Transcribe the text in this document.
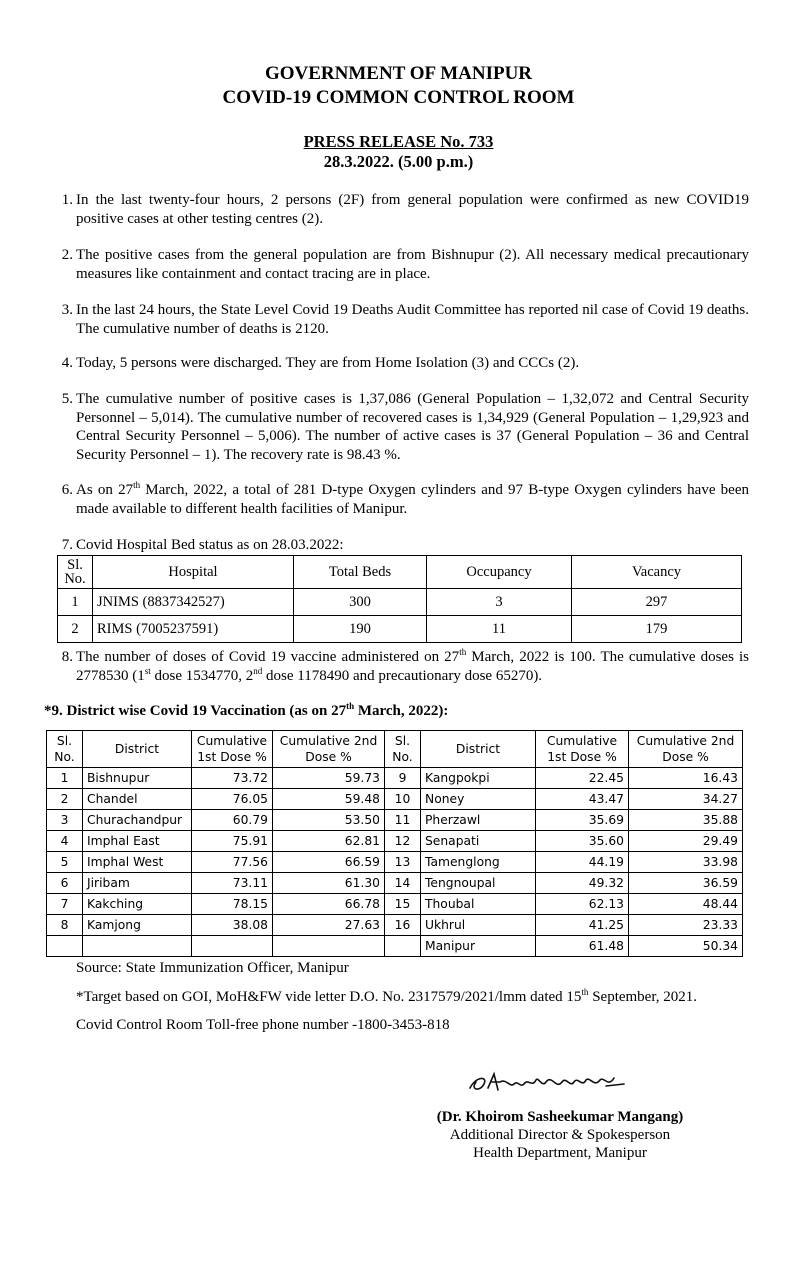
GOVERNMENT OF MANIPUR
COVID-19 COMMON CONTROL ROOM
PRESS RELEASE No. 733
28.3.2022. (5.00 p.m.)
1. In the last twenty-four hours, 2 persons (2F) from general population were confirmed as new COVID19 positive cases at other testing centres (2).
2. The positive cases from the general population are from Bishnupur (2). All necessary medical precautionary measures like containment and contact tracing are in place.
3. In the last 24 hours, the State Level Covid 19 Deaths Audit Committee has reported nil case of Covid 19 deaths. The cumulative number of deaths is 2120.
4. Today, 5 persons were discharged. They are from Home Isolation (3) and CCCs (2).
5. The cumulative number of positive cases is 1,37,086 (General Population – 1,32,072 and Central Security Personnel – 5,014). The cumulative number of recovered cases is 1,34,929 (General Population – 1,29,923 and Central Security Personnel – 5,006). The number of active cases is 37 (General Population – 36 and Central Security Personnel – 1). The recovery rate is 98.43 %.
6. As on 27th March, 2022, a total of 281 D-type Oxygen cylinders and 97 B-type Oxygen cylinders have been made available to different health facilities of Manipur.
7. Covid Hospital Bed status as on 28.03.2022:
Sl. No.	Hospital	Total Beds	Occupancy	Vacancy
1	JNIMS (8837342527)	300	3	297
2	RIMS (7005237591)	190	11	179
8. The number of doses of Covid 19 vaccine administered on 27th March, 2022 is 100. The cumulative doses is 2778530 (1st dose 1534770, 2nd dose 1178490 and precautionary dose 65270).
*9. District wise Covid 19 Vaccination (as on 27th March, 2022):
Sl. No.	District	Cumulative 1st Dose %	Cumulative 2nd Dose %	Sl. No.	District	Cumulative 1st Dose %	Cumulative 2nd Dose %
1	Bishnupur	73.72	59.73	9	Kangpokpi	22.45	16.43
2	Chandel	76.05	59.48	10	Noney	43.47	34.27
3	Churachandpur	60.79	53.50	11	Pherzawl	35.69	35.88
4	Imphal East	75.91	62.81	12	Senapati	35.60	29.49
5	Imphal West	77.56	66.59	13	Tamenglong	44.19	33.98
6	Jiribam	73.11	61.30	14	Tengnoupal	49.32	36.59
7	Kakching	78.15	66.78	15	Thoubal	62.13	48.44
8	Kamjong	38.08	27.63	16	Ukhrul	41.25	23.33
					Manipur	61.48	50.34
Source: State Immunization Officer, Manipur
*Target based on GOI, MoH&FW vide letter D.O. No. 2317579/2021/lmm dated 15th September, 2021.
Covid Control Room Toll-free phone number -1800-3453-818
(Dr. Khoirom Sasheekumar Mangang)
Additional Director & Spokesperson
Health Department, Manipur
